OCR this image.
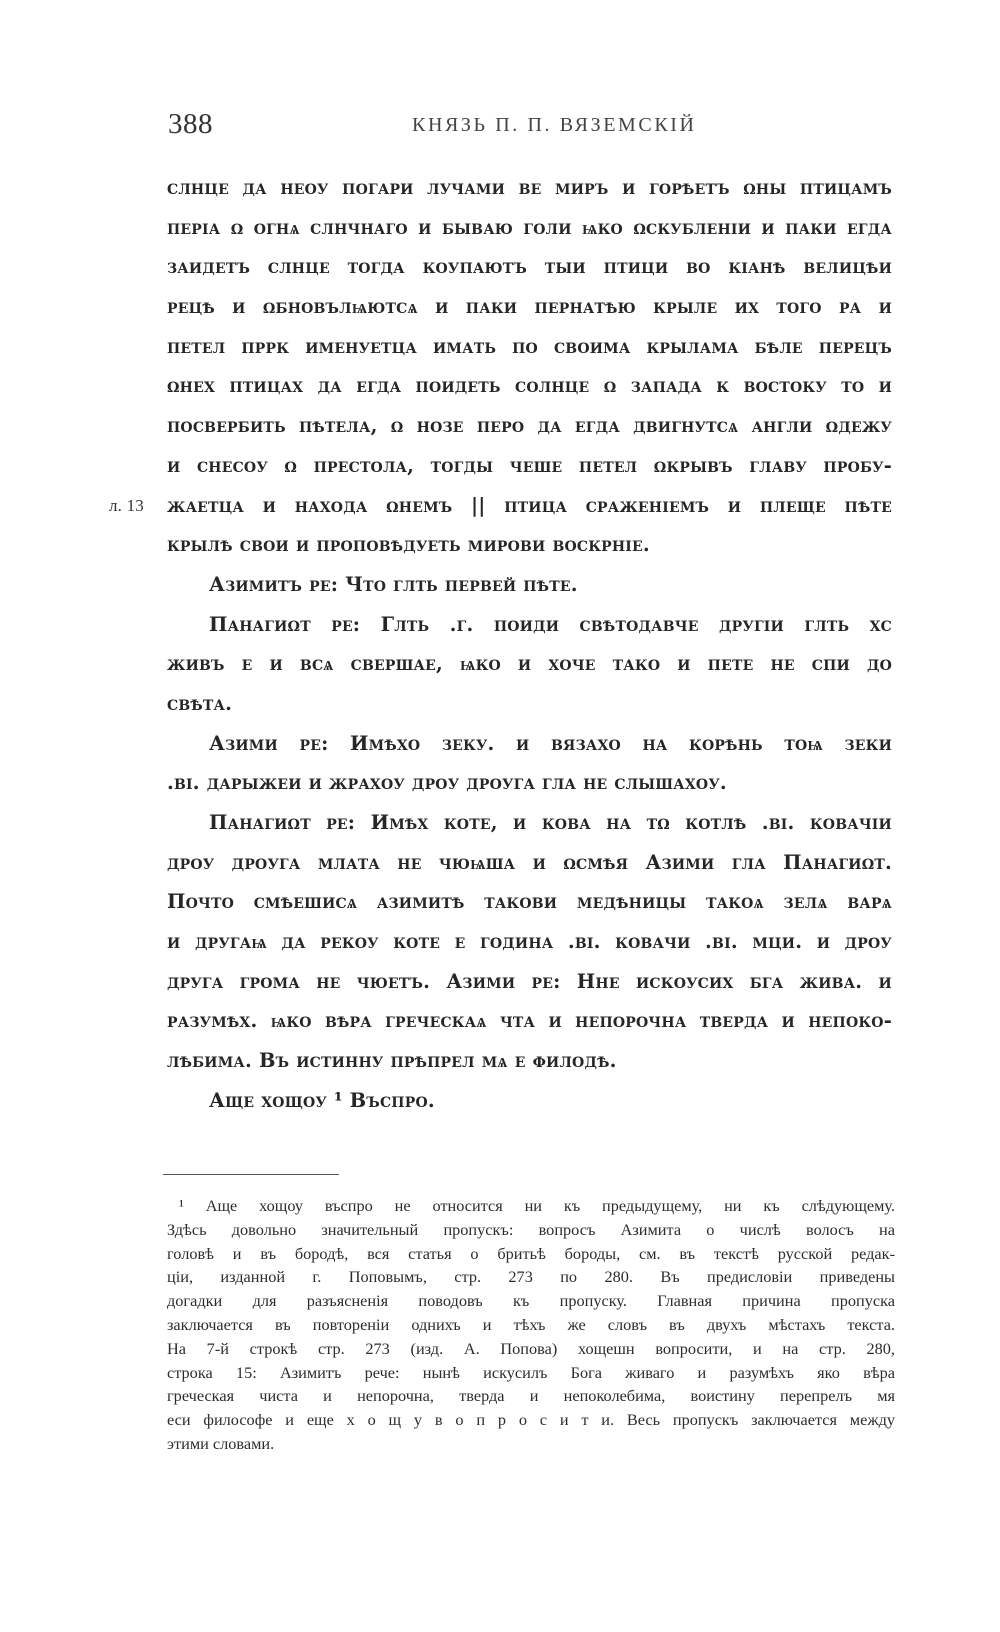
388	КНЯЗЬ П. П. ВЯЗЕМСКІЙ
слнце да неоу погари лучами ве миръ и горѣетъ ωны птицамъ
періа ω огнѧ слнчнаго и бываю голи ѩко ωскубленіи и паки егда
заидетъ слнце тогда коупаютъ тыи птици во кіанѣ велицѣи
рецѣ и ωбновълѩютсѧ и паки пернатѣю крыле их того ра и
петел пррк именуетца имать по своима крылама бѣле перецъ
ωнех птицах да егда поидеть солнце ω запада к востоку то и
посвербить пѣтела, ω нозе перо да егда двигнутсѧ англи ωдежу
и снесоу ω престола, тогды чеше петел ωкрывъ главу пробу-
л. 13 жаетца и находа ωнемъ || птица сраженіемъ и плеще пѣте
крылѣ свои и проповѣдуеть мирови воскрніе.
Азимитъ ре: Что глть первей пѣте.
Панагиωт ре: Глть .г. поиди свѣтодавче другіи глть хс
живъ е и всѧ свершае, ѩко и хоче тако и пете не спи до
свѣта.
Азими ре: Имѣхо зеку. и вязахо на корѣнь тоѩ зеки
.ві. дарыжеи и жрахоу дроу дроуга гла не слышахоу.
Панагиωт ре: Имѣх коте, и кова на тω котлѣ .ві. ковачіи
дроу дроуга млата не чюѩша и ωсмѣя Азими гла Панагиωт.
Почто смѣешисѧ азимитѣ такови медѣницы такоѧ зелѧ варѧ
и другаѩ да рекоу коте е година .ві. ковачи .ві. мци. и дроу
друга грома не чюетъ. Азими ре: Нне искоусих бга жива. и
разумѣх. ѩко вѣра греческаѧ чта и непорочна тверда и непоко-
лѣбима. Въ истинну прѣпрел мѧ е филодѣ.
Аще хощоу ¹ Въспро.
¹ Аще хощоу въспро не относится ни къ предыдущему, ни къ слѣдующему.
Здѣсь довольно значительный пропускъ: вопросъ Азимита о числѣ волосъ на
головѣ и въ бородѣ, вся статья о бритьѣ бороды, см. въ текстѣ русской редак-
ціи, изданной г. Поповымъ, стр. 273 по 280. Въ предисловіи приведены
догадки для разъясненія поводовъ къ пропуску. Главная причина пропуска
заключается въ повтореніи однихъ и тѣхъ же словъ въ двухъ мѣстахъ текста.
На 7-й строкѣ стр. 273 (изд. А. Попова) хощешн вопросити, и на стр. 280,
строка 15: Азимитъ рече: нынѣ искусилъ Бога живаго и разумѣхъ яко вѣра
греческая чиста и непорочна, тверда и непоколебима, воистину перепрелъ мя
еси философе и еще х о щ у в о п р о с и т и. Весь пропускъ заключается между
этими словами.
